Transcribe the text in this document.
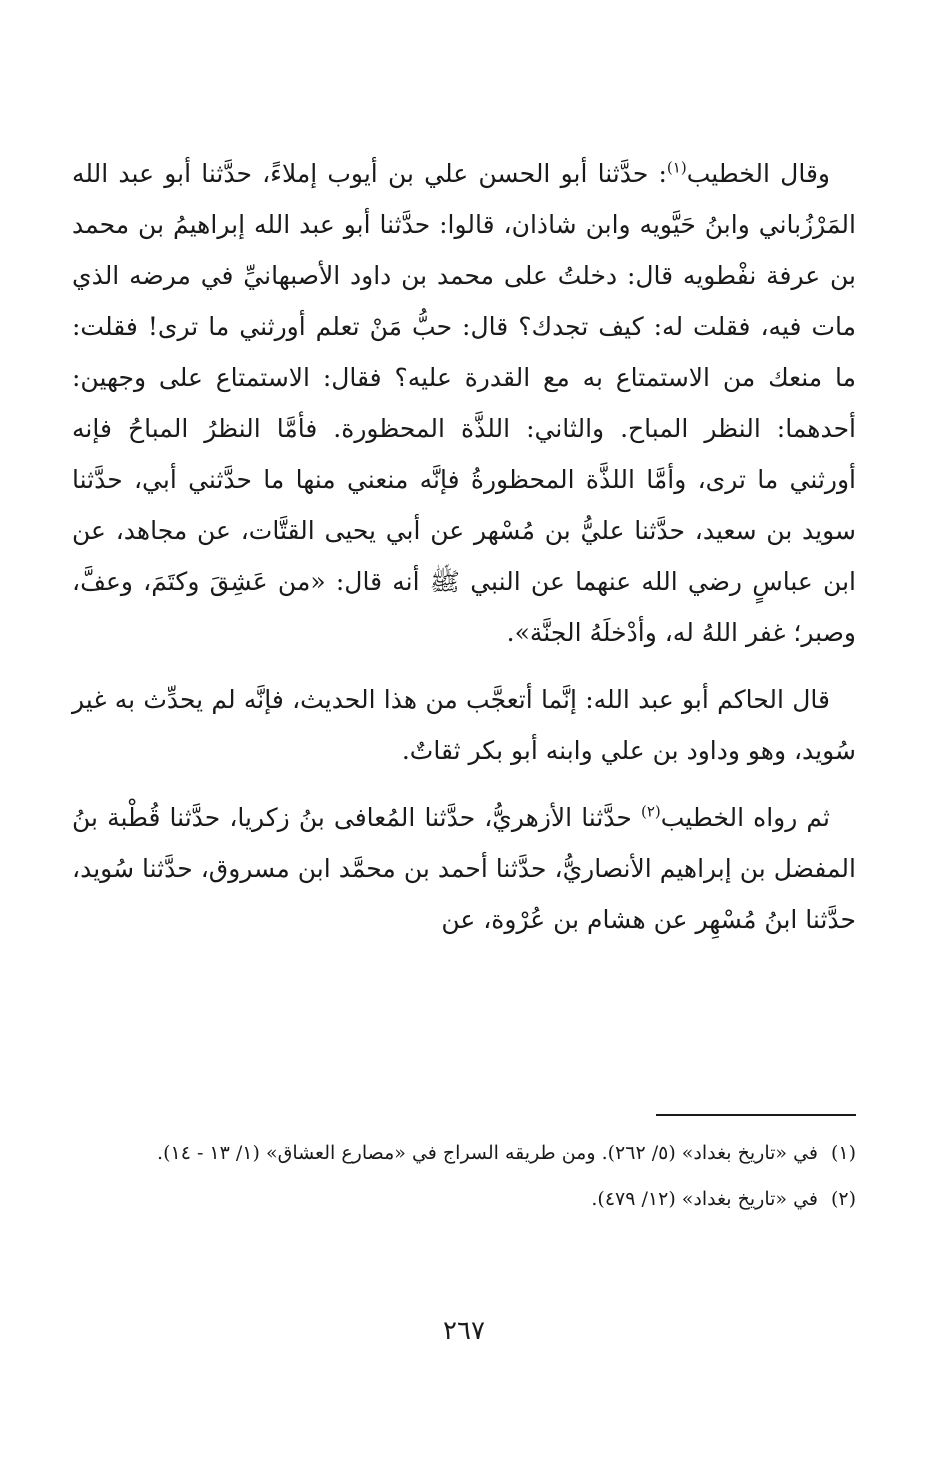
وقال الخطيب$^{(١)}$: حدَّثنا أبو الحسن علي بن أيوب إملاءً، حدَّثنا أبو عبد الله المَرْزُباني وابنُ حَيَّويه وابن شاذان، قالوا: حدَّثنا أبو عبد الله إبراهيمُ بن محمد بن عرفة نفْطويه قال: دخلتُ على محمد بن داود الأصبهانيِّ في مرضه الذي مات فيه، فقلت له: كيف تجدك؟ قال: حبُّ مَنْ تعلم أورثني ما ترى! فقلت: ما منعك من الاستمتاع به مع القدرة عليه؟ فقال: الاستمتاع على وجهين: أحدهما: النظر المباح. والثاني: اللذَّة المحظورة. فأمَّا النظرُ المباحُ فإنه أورثني ما ترى، وأمَّا اللذَّة المحظورةُ فإنَّه منعني منها ما حدَّثني أبي، حدَّثنا سويد بن سعيد، حدَّثنا عليُّ بن مُسْهر عن أبي يحيى القتَّات، عن مجاهد، عن ابن عباسٍ رضي الله عنهما عن النبي ﷺ أنه قال: «من عَشِقَ وكتَمَ، وعفَّ، وصبر؛ غفر اللهُ له، وأدْخلَهُ الجنَّة».

قال الحاكم أبو عبد الله: إنَّما أتعجَّب من هذا الحديث، فإنَّه لم يحدِّث به غير سُويد، وهو وداود بن علي وابنه أبو بكر ثقاتٌ.

ثم رواه الخطيب$^{(٢)}$ حدَّثنا الأزهريُّ، حدَّثنا المُعافى بنُ زكريا، حدَّثنا قُطْبة بنُ المفضل بن إبراهيم الأنصاريُّ، حدَّثنا أحمد بن محمَّد ابن مسروق، حدَّثنا سُويد، حدَّثنا ابنُ مُسْهِر عن هشام بن عُرْوة، عن

(١)
في «تاريخ بغداد» (٥/ ٢٦٢). ومن طريقه السراج في «مصارع العشاق» (١/ ١٣ - ١٤).
(٢)
في «تاريخ بغداد» (١٢/ ٤٧٩).
٢٦٧
